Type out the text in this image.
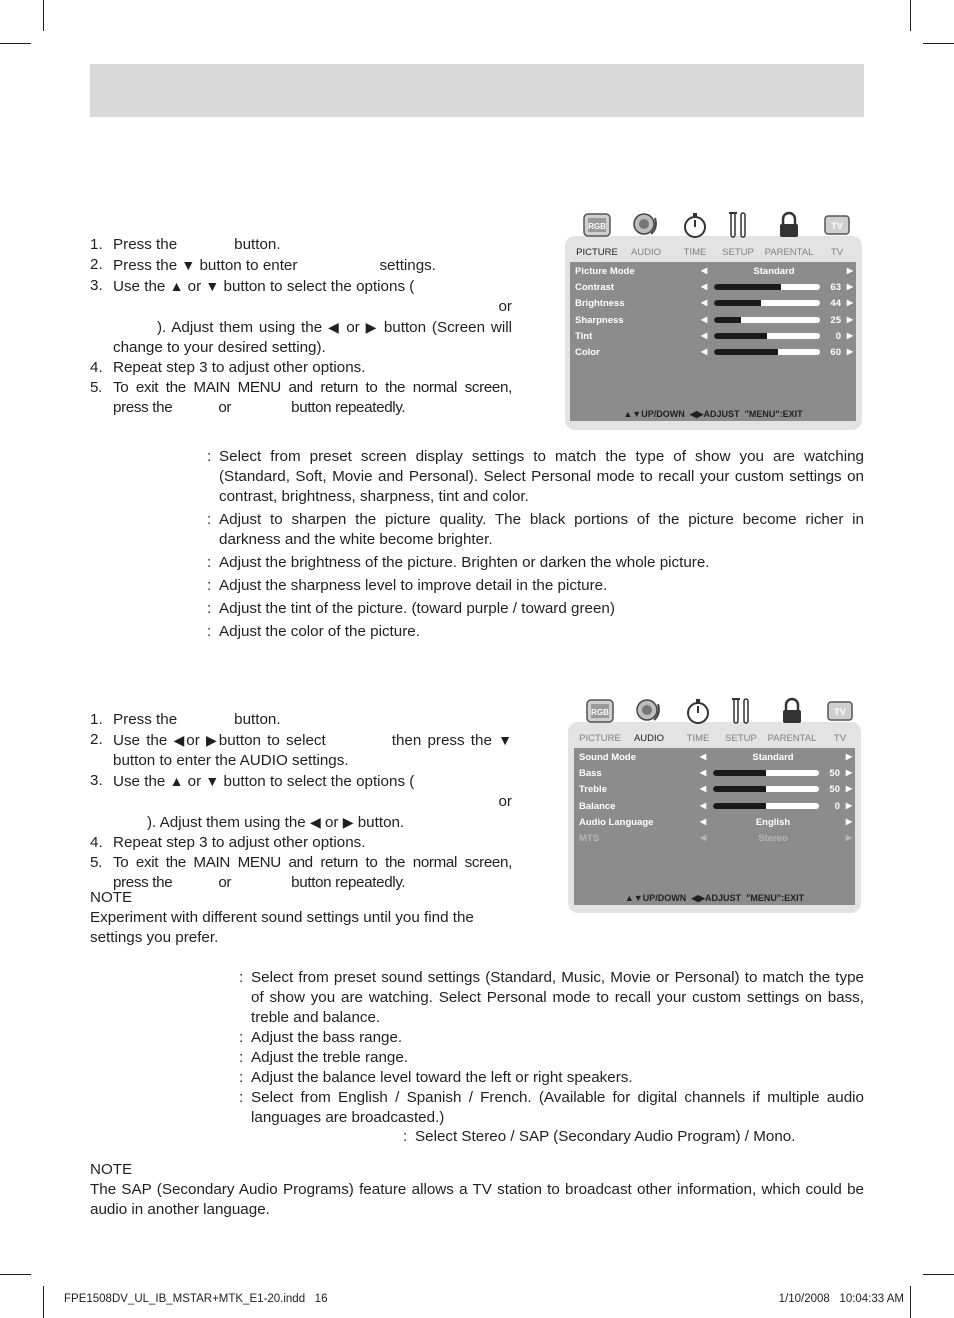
1. Press the	button.
2. Press the ▼ button to enter	settings.
3. Use the ▲ or ▼ button to select the options (
or
). Adjust them using the ◀ or ▶ button (Screen will change to your desired setting).
4. Repeat step 3 to adjust other options.
5. To exit the MAIN MENU and return to the normal screen, press the	or	button repeatedly.
Picture Mode	◀	Standard	▶
Contrast	◀	63 ▶
Brightness	◀	44 ▶
Sharpness	◀	25 ▶
Tint	◀	0 ▶
Color	◀	60 ▶
▲▼UP/DOWN  ◀▶ADJUST "MENU":EXIT
RGB
PICTURE	AUDIO	TIME	SETUP	PARENTAL
TV
TV
: Select from preset screen display settings to match the type of show you are watching (Standard, Soft, Movie and Personal). Select Personal mode to recall your custom settings on contrast, brightness, sharpness, tint and color.
: Adjust to sharpen the picture quality. The black portions of the picture become richer in darkness and the white become brighter.
: Adjust the brightness of the picture. Brighten or darken the whole picture.
: Adjust the sharpness level to improve detail in the picture.
: Adjust the tint of the picture. (toward purple / toward green)
: Adjust the color of the picture.
1. Press the	button.
2. Use the ◀or ▶button to select	then press the ▼ button to enter the AUDIO settings.
3. Use the ▲ or ▼ button to select the options (
or
). Adjust them using the ◀ or ▶ button.
4. Repeat step 3 to adjust other options.
5. To exit the MAIN MENU and return to the normal screen, press the	or	button repeatedly.
NOTE
Experiment with different sound settings until you find the settings you prefer.
Sound Mode	◀	Standard	▶
Bass	◀	50 ▶
Treble	◀	50 ▶
Balance	◀	0 ▶
Audio Language	◀	English	▶
MTS	◀	Stereo	▶
▲▼UP/DOWN  ◀▶ADJUST "MENU":EXIT
RGB
PICTURE	AUDIO	TIME	SETUP	PARENTAL
TV
TV
: Select from preset sound settings (Standard, Music, Movie or Personal) to match the type of show you are watching. Select Personal mode to recall your custom settings on bass, treble and balance.
: Adjust the bass range.
: Adjust the treble range.
: Adjust the balance level toward the left or right speakers.
: Select from English / Spanish / French. (Available for digital channels if multiple audio languages are broadcasted.)
: Select Stereo / SAP (Secondary Audio Program) / Mono.
NOTE
The SAP (Secondary Audio Programs) feature allows a TV station to broadcast other information, which could be audio in another language.
FPE1508DV_UL_IB_MSTAR+MTK_E1-20.indd   16	1/10/2008   10:04:33 AM
